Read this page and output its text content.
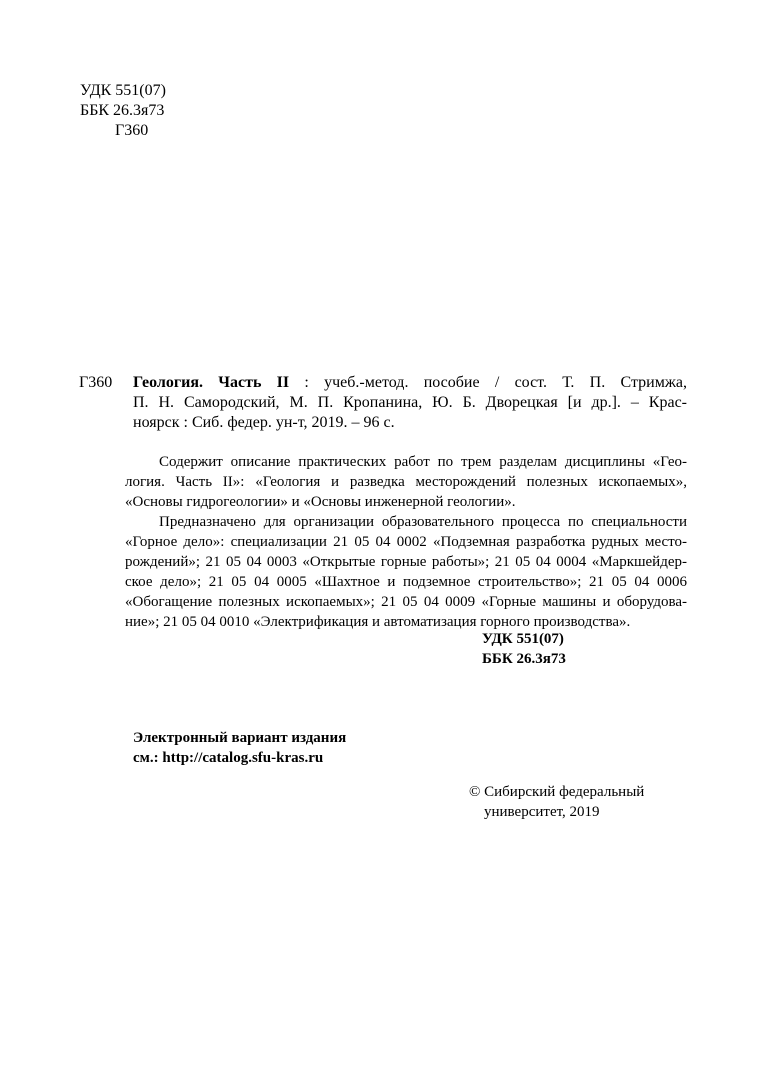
УДК 551(07)
ББК 26.3я73
Г360
Г360 Геология. Часть II : учеб.-метод. пособие / сост. Т. П. Стримжа,
П. Н. Самородский, М. П. Кропанина, Ю. Б. Дворецкая [и др.]. – Крас-
ноярск : Сиб. федер. ун-т, 2019. – 96 с.
Содержит описание практических работ по трем разделам дисциплины «Гео-
логия. Часть II»: «Геология и разведка месторождений полезных ископаемых»,
«Основы гидрогеологии» и «Основы инженерной геологии».
Предназначено для организации образовательного процесса по специальности
«Горное дело»: специализации 21 05 04 0002 «Подземная разработка рудных место-
рождений»; 21 05 04 0003 «Открытые горные работы»; 21 05 04 0004 «Маркшейдер-
ское дело»; 21 05 04 0005 «Шахтное и подземное строительство»; 21 05 04 0006
«Обогащение полезных ископаемых»; 21 05 04 0009 «Горные машины и оборудова-
ние»; 21 05 04 0010 «Электрификация и автоматизация горного производства».
УДК 551(07)
ББК 26.3я73
Электронный вариант издания
см.: http://catalog.sfu-kras.ru
© Сибирский федеральный
университет, 2019
